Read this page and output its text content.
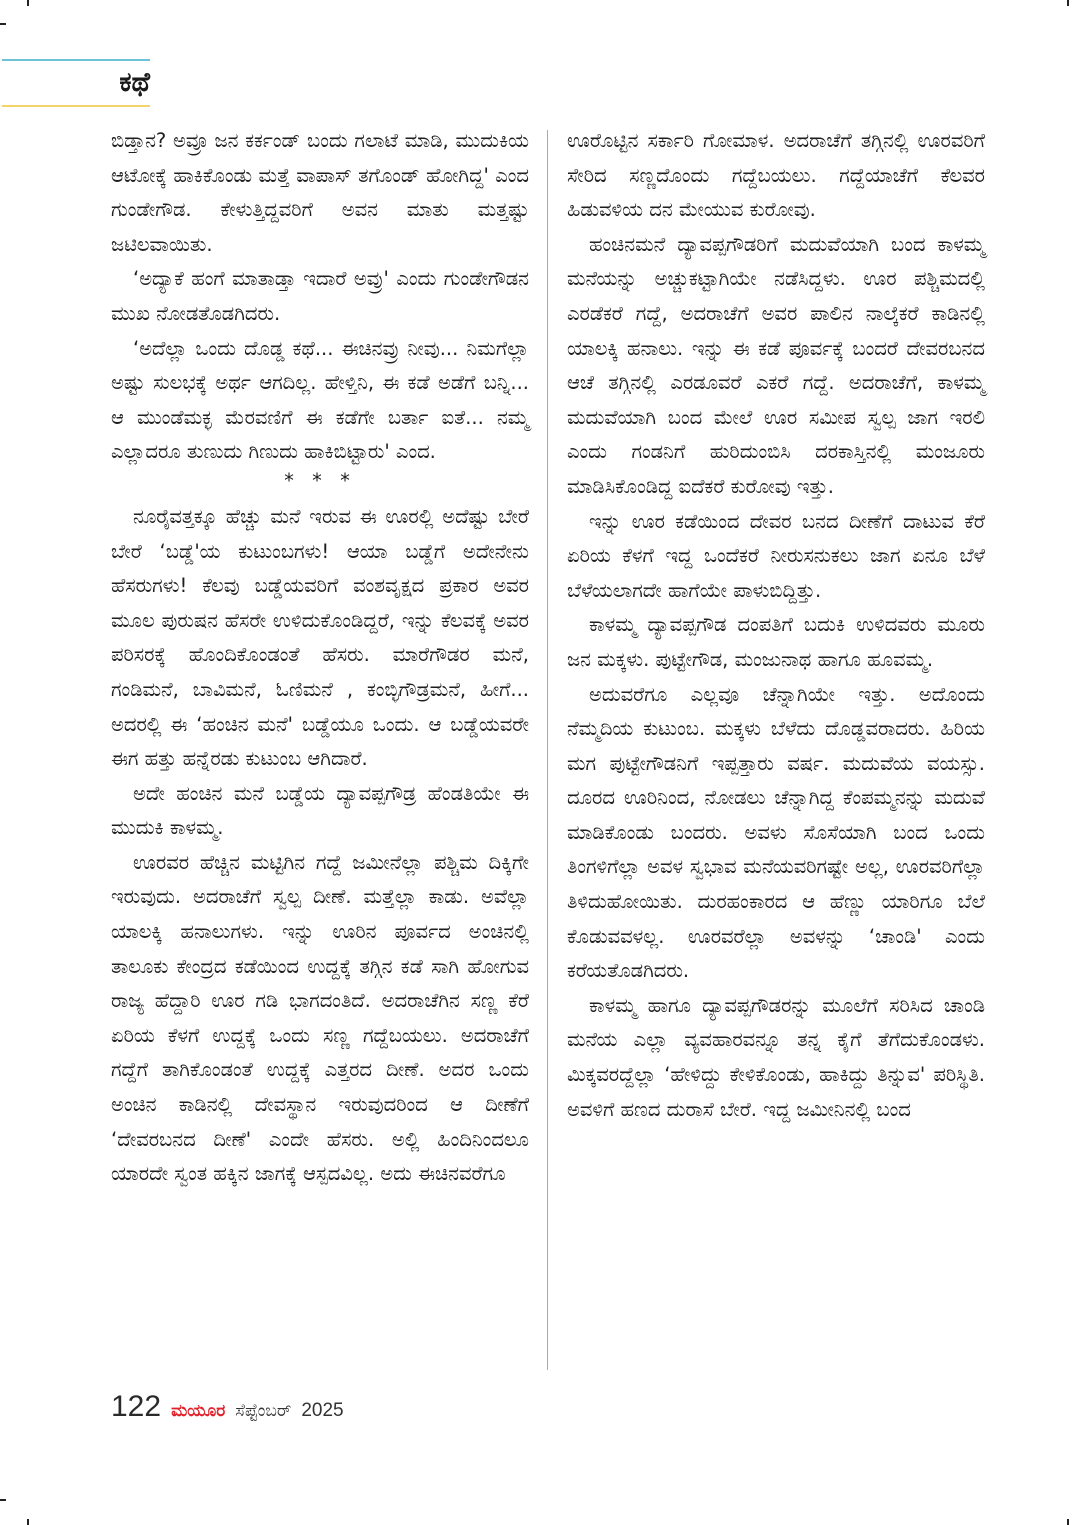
ಕಥೆ

ಬಿಡ್ತಾನ? ಅವ್ರೂ ಜನ ಕರ್ಕಂಡ್ ಬಂದು ಗಲಾಟೆ ಮಾಡಿ, ಮುದುಕಿಯ ಆಟೋಕ್ಕೆ ಹಾಕಿಕೊಂಡು ಮತ್ತೆ ವಾಪಾಸ್ ತಗೊಂಡ್ ಹೋಗಿದ್ದ' ಎಂದ ಗುಂಡೇಗೌಡ. ಕೇಳುತ್ತಿದ್ದವರಿಗೆ ಅವನ ಮಾತು ಮತ್ತಷ್ಟು ಜಟಿಲವಾಯಿತು.

‘ಅದ್ಯಾಕೆ ಹಂಗೆ ಮಾತಾಡ್ತಾ ಇದಾರೆ ಅವ್ರು' ಎಂದು ಗುಂಡೇಗೌಡನ ಮುಖ ನೋಡತೊಡಗಿದರು.

‘ಅದೆಲ್ಲಾ ಒಂದು ದೊಡ್ಡ ಕಥೆ... ಈಚಿನವ್ರು ನೀವು... ನಿಮಗೆಲ್ಲಾ ಅಷ್ಟು ಸುಲಭಕ್ಕೆ ಅರ್ಥ ಆಗದಿಲ್ಲ. ಹೇಳ್ತಿನಿ, ಈ ಕಡೆ ಅಡೆಗೆ ಬನ್ನಿ... ಆ ಮುಂಡೆಮಕ್ಳ ಮೆರವಣಿಗೆ ಈ ಕಡೆಗೇ ಬರ್ತಾ ಐತೆ... ನಮ್ಮ ಎಲ್ಲಾದರೂ ತುಣುದು ಗಿಣುದು ಹಾಕಿಬಿಟ್ಟಾರು' ಎಂದ.

* * *

ನೂರೈವತ್ತಕ್ಕೂ ಹೆಚ್ಚು ಮನೆ ಇರುವ ಈ ಊರಲ್ಲಿ ಅದೆಷ್ಟು ಬೇರೆ ಬೇರೆ ‘ಬಡ್ಡೆ'ಯ ಕುಟುಂಬಗಳು! ಆಯಾ ಬಡ್ಡೆಗೆ ಅದೇನೇನು ಹೆಸರುಗಳು! ಕೆಲವು ಬಡ್ಡೆಯವರಿಗೆ ವಂಶವೃಕ್ಷದ ಪ್ರಕಾರ ಅವರ ಮೂಲ ಪುರುಷನ ಹೆಸರೇ ಉಳಿದುಕೊಂಡಿದ್ದರೆ, ಇನ್ನು ಕೆಲವಕ್ಕೆ ಅವರ ಪರಿಸರಕ್ಕೆ ಹೊಂದಿಕೊಂಡಂತೆ ಹೆಸರು. ಮಾರೆಗೌಡರ ಮನೆ, ಗಂಡಿಮನೆ, ಬಾವಿಮನೆ, ಓಣಿಮನೆ , ಕಂಬ್ಳಿಗೌಡ್ರಮನೆ, ಹೀಗೆ... ಅದರಲ್ಲಿ ಈ ‘ಹಂಚಿನ ಮನೆ' ಬಡ್ಡೆಯೂ ಒಂದು. ಆ ಬಡ್ಡೆಯವರೇ ಈಗ ಹತ್ತು ಹನ್ನೆರಡು ಕುಟುಂಬ ಆಗಿದಾರೆ.

ಅದೇ ಹಂಚಿನ ಮನೆ ಬಡ್ಡೆಯ ದ್ಯಾವಪ್ಪಗೌಡ್ರ ಹೆಂಡತಿಯೇ ಈ ಮುದುಕಿ ಕಾಳಮ್ಮ.

ಊರವರ ಹೆಚ್ಚಿನ ಮಟ್ಟಿಗಿನ ಗದ್ದೆ ಜಮೀನೆಲ್ಲಾ ಪಶ್ಚಿಮ ದಿಕ್ಕಿಗೇ ಇರುವುದು. ಅದರಾಚೆಗೆ ಸ್ವಲ್ಪ ದೀಣೆ. ಮತ್ತೆಲ್ಲಾ ಕಾಡು. ಅವೆಲ್ಲಾ ಯಾಲಕ್ಕಿ ಹನಾಲುಗಳು. ಇನ್ನು ಊರಿನ ಪೂರ್ವದ ಅಂಚಿನಲ್ಲಿ ತಾಲೂಕು ಕೇಂದ್ರದ ಕಡೆಯಿಂದ ಉದ್ದಕ್ಕೆ ತಗ್ಗಿನ ಕಡೆ ಸಾಗಿ ಹೋಗುವ ರಾಜ್ಯ ಹೆದ್ದಾರಿ ಊರ ಗಡಿ ಭಾಗದಂತಿದೆ. ಅದರಾಚೆಗಿನ ಸಣ್ಣ ಕೆರೆ ಏರಿಯ ಕೆಳಗೆ ಉದ್ದಕ್ಕೆ ಒಂದು ಸಣ್ಣ ಗದ್ದೆಬಯಲು. ಅದರಾಚೆಗೆ ಗದ್ದೆಗೆ ತಾಗಿಕೊಂಡಂತೆ ಉದ್ದಕ್ಕೆ ಎತ್ತರದ ದೀಣೆ. ಅದರ ಒಂದು ಅಂಚಿನ ಕಾಡಿನಲ್ಲಿ ದೇವಸ್ಥಾನ ಇರುವುದರಿಂದ ಆ ದೀಣೆಗೆ ‘ದೇವರಬನದ ದೀಣೆ' ಎಂದೇ ಹೆಸರು. ಅಲ್ಲಿ ಹಿಂದಿನಿಂದಲೂ ಯಾರದೇ ಸ್ವಂತ ಹಕ್ಕಿನ ಜಾಗಕ್ಕೆ ಆಸ್ಪದವಿಲ್ಲ. ಅದು ಈಚಿನವರೆಗೂ

ಊರೊಟ್ಟಿನ ಸರ್ಕಾರಿ ಗೋಮಾಳ. ಅದರಾಚೆಗೆ ತಗ್ಗಿನಲ್ಲಿ ಊರವರಿಗೆ ಸೇರಿದ ಸಣ್ಣದೊಂದು ಗದ್ದೆಬಯಲು. ಗದ್ದೆಯಾಚೆಗೆ ಕೆಲವರ ಹಿಡುವಳಿಯ ದನ ಮೇಯುವ ಕುರೋವು.

ಹಂಚಿನಮನೆ ದ್ಯಾವಪ್ಪಗೌಡರಿಗೆ ಮದುವೆಯಾಗಿ ಬಂದ ಕಾಳಮ್ಮ ಮನೆಯನ್ನು ಅಚ್ಚುಕಟ್ಟಾಗಿಯೇ ನಡೆಸಿದ್ದಳು. ಊರ ಪಶ್ಚಿಮದಲ್ಲಿ ಎರಡೆಕರೆ ಗದ್ದೆ, ಅದರಾಚೆಗೆ ಅವರ ಪಾಲಿನ ನಾಲ್ಕೆಕರೆ ಕಾಡಿನಲ್ಲಿ ಯಾಲಕ್ಕಿ ಹನಾಲು. ಇನ್ನು ಈ ಕಡೆ ಪೂರ್ವಕ್ಕೆ ಬಂದರೆ ದೇವರಬನದ ಆಚೆ ತಗ್ಗಿನಲ್ಲಿ ಎರಡೂವರೆ ಎಕರೆ ಗದ್ದೆ. ಅದರಾಚೆಗೆ, ಕಾಳಮ್ಮ ಮದುವೆಯಾಗಿ ಬಂದ ಮೇಲೆ ಊರ ಸಮೀಪ ಸ್ವಲ್ಪ ಜಾಗ ಇರಲಿ ಎಂದು ಗಂಡನಿಗೆ ಹುರಿದುಂಬಿಸಿ ದರಕಾಸ್ತಿನಲ್ಲಿ ಮಂಜೂರು ಮಾಡಿಸಿಕೊಂಡಿದ್ದ ಐದೆಕರೆ ಕುರೋವು ಇತ್ತು.

ಇನ್ನು ಊರ ಕಡೆಯಿಂದ ದೇವರ ಬನದ ದೀಣೆಗೆ ದಾಟುವ ಕೆರೆ ಏರಿಯ ಕೆಳಗೆ ಇದ್ದ ಒಂದೆಕರೆ ನೀರುಸನುಕಲು ಜಾಗ ಏನೂ ಬೆಳೆ ಬೆಳೆಯಲಾಗದೇ ಹಾಗೆಯೇ ಪಾಳುಬಿದ್ದಿತ್ತು.

ಕಾಳಮ್ಮ ದ್ಯಾವಪ್ಪಗೌಡ ದಂಪತಿಗೆ ಬದುಕಿ ಉಳಿದವರು ಮೂರು ಜನ ಮಕ್ಕಳು. ಪುಟ್ಟೇಗೌಡ, ಮಂಜುನಾಥ ಹಾಗೂ ಹೂವಮ್ಮ.

ಅದುವರೆಗೂ ಎಲ್ಲವೂ ಚೆನ್ನಾಗಿಯೇ ಇತ್ತು. ಅದೊಂದು ನೆಮ್ಮದಿಯ ಕುಟುಂಬ. ಮಕ್ಕಳು ಬೆಳೆದು ದೊಡ್ಡವರಾದರು. ಹಿರಿಯ ಮಗ ಪುಟ್ಟೇಗೌಡನಿಗೆ ಇಪ್ಪತ್ತಾರು ವರ್ಷ. ಮದುವೆಯ ವಯಸ್ಸು. ದೂರದ ಊರಿನಿಂದ, ನೋಡಲು ಚೆನ್ನಾಗಿದ್ದ ಕೆಂಪಮ್ಮನನ್ನು ಮದುವೆ ಮಾಡಿಕೊಂಡು ಬಂದರು. ಅವಳು ಸೊಸೆಯಾಗಿ ಬಂದ ಒಂದು ತಿಂಗಳಿಗೆಲ್ಲಾ ಅವಳ ಸ್ವಭಾವ ಮನೆಯವರಿಗಷ್ಟೇ ಅಲ್ಲ, ಊರವರಿಗೆಲ್ಲಾ ತಿಳಿದುಹೋಯಿತು. ದುರಹಂಕಾರದ ಆ ಹೆಣ್ಣು ಯಾರಿಗೂ ಬೆಲೆ ಕೊಡುವವಳಲ್ಲ. ಊರವರೆಲ್ಲಾ ಅವಳನ್ನು ‘ಚಾಂಡಿ' ಎಂದು ಕರೆಯತೊಡಗಿದರು.

ಕಾಳಮ್ಮ ಹಾಗೂ ದ್ಯಾವಪ್ಪಗೌಡರನ್ನು ಮೂಲೆಗೆ ಸರಿಸಿದ ಚಾಂಡಿ ಮನೆಯ ಎಲ್ಲಾ ವ್ಯವಹಾರವನ್ನೂ ತನ್ನ ಕೈಗೆ ತೆಗೆದುಕೊಂಡಳು. ಮಿಕ್ಕವರದ್ದೆಲ್ಲಾ ‘ಹೇಳಿದ್ದು ಕೇಳಿಕೊಂಡು, ಹಾಕಿದ್ದು ತಿನ್ನುವ' ಪರಿಸ್ಥಿತಿ. ಅವಳಿಗೆ ಹಣದ ದುರಾಸೆ ಬೇರೆ. ಇದ್ದ ಜಮೀನಿನಲ್ಲಿ ಬಂದ

122 ಮಯೂರ ಸೆಪ್ಟೆಂಬರ್ 2025
